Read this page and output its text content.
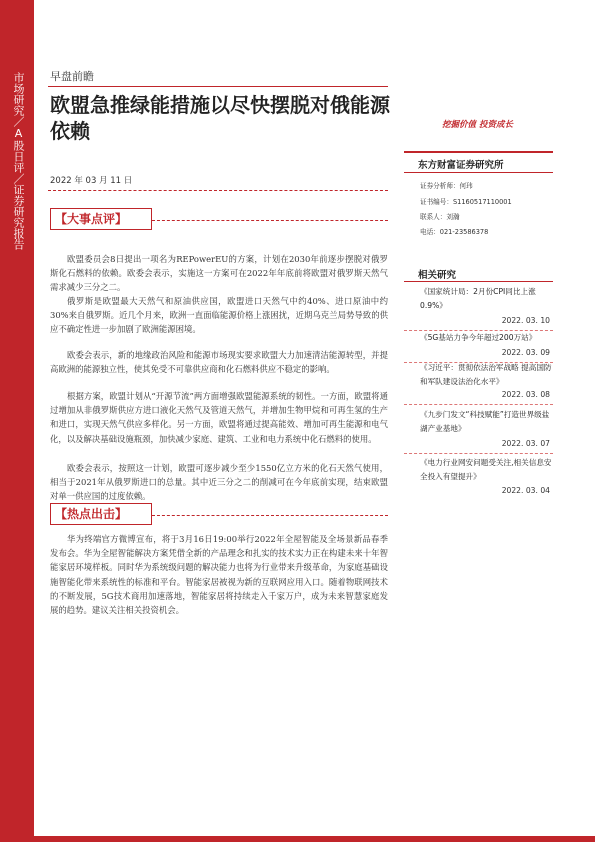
市场研究／A股日评／证券研究报告 早盘前瞻
欧盟急推绿能措施以尽快摆脱对俄能源依赖
2022 年 03 月 11 日
【大事点评】

欧盟委员会8日提出一项名为REPowerEU的方案，计划在2030年前逐步摆脱对俄罗斯化石燃料的依赖。欧委会表示，实施这一方案可在2022年年底前将欧盟对俄罗斯天然气需求减少三分之二。

俄罗斯是欧盟最大天然气和原油供应国，欧盟进口天然气中约40%、进口原油中约30%来自俄罗斯。近几个月来，欧洲一直面临能源价格上涨困扰，近期乌克兰局势导致的供应不确定性进一步加剧了欧洲能源困境。

欧委会表示，新的地缘政治风险和能源市场现实要求欧盟大力加速清洁能源转型，并提高欧洲的能源独立性，使其免受不可靠供应商和化石燃料供应不稳定的影响。

根据方案，欧盟计划从“开源节流”两方面增强欧盟能源系统的韧性。一方面，欧盟将通过增加从非俄罗斯供应方进口液化天然气及管道天然气，并增加生物甲烷和可再生氢的生产和进口，实现天然气供应多样化。另一方面，欧盟将通过提高能效、增加可再生能源和电气化，以及解决基础设施瓶颈，加快减少家庭、建筑、工业和电力系统中化石燃料的使用。

欧委会表示，按照这一计划，欧盟可逐步减少至少1550亿立方米的化石天然气使用，相当于2021年从俄罗斯进口的总量。其中近三分之二的削减可在今年底前实现，结束欧盟对单一供应国的过度依赖。

【热点出击】

华为终端官方微博宣布，将于3月16日19:00举行2022年全屋智能及全场景新品春季发布会。华为全屋智能解决方案凭借全新的产品理念和扎实的技术实力正在构建未来十年智能家居环境样板。同时华为系统级问题的解决能力也将为行业带来升级革命，为家庭基础设施智能化带来系统性的标准和平台。智能家居被视为新的互联网应用入口。随着物联网技术的不断发展，5G技术商用加速落地，智能家居将持续走入千家万户，成为未来智慧家庭发展的趋势。建议关注相关投资机会。

挖掘价值 投资成长
东方财富证券研究所
证券分析师：何玮
证书编号：S1160517110001
联系人：刘瀚
电话：021-23586378
相关研究
《国家统计局：2月份CPI同比上涨0.9%》
2022. 03. 10
《5G基站力争今年超过200万站》
2022. 03. 09
《习近平：贯彻依法治军战略 提高国防和军队建设法治化水平》
2022. 03. 08
《九步门发文“科技赋能”打造世界级盐湖产业基地》
2022. 03. 07
《电力行业网安问题受关注,相关信息安全投入有望提升》
2022. 03. 04
